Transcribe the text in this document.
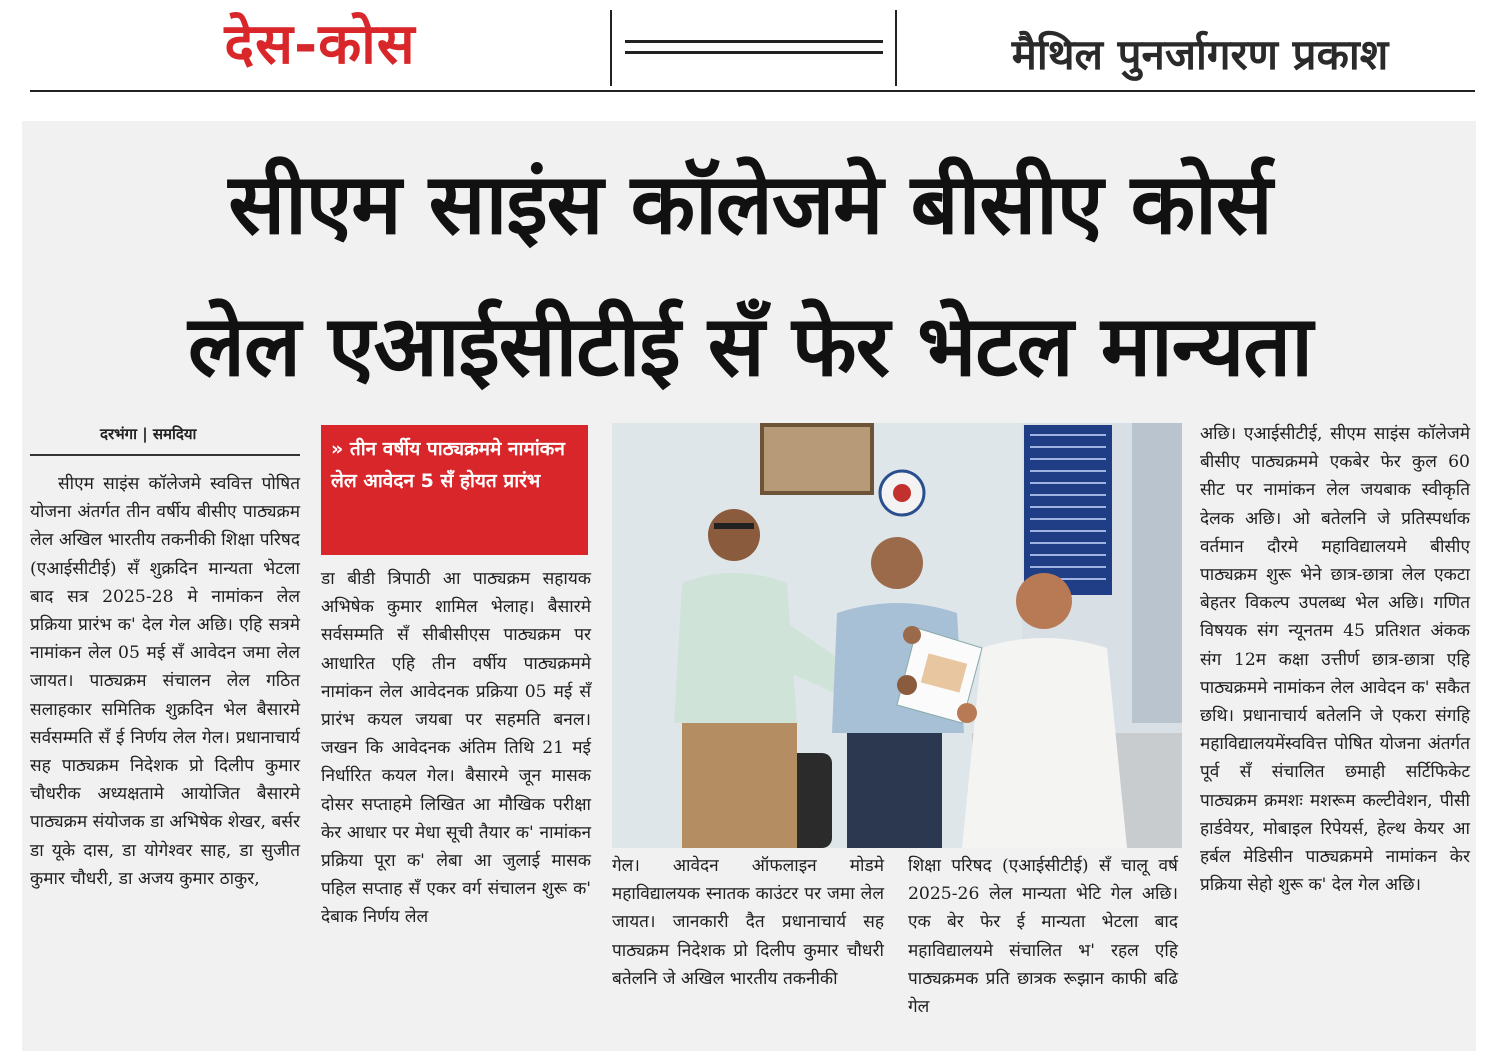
देस-कोस	मैथिल पुनर्जागरण प्रकाश
सीएम साइंस कॉलेजमे बीसीए कोर्स
लेल एआईसीटीई सँ फेर भेटल मान्यता
दरभंगा | समदिया
सीएम साइंस कॉलेजमे स्ववित्त पोषित योजना अंतर्गत तीन वर्षीय बीसीए पाठ्यक्रम लेल अखिल भारतीय तकनीकी शिक्षा परिषद (एआईसीटीई) सँ शुक्रदिन मान्यता भेटला बाद सत्र 2025-28 मे नामांकन लेल प्रक्रिया प्रारंभ क' देल गेल अछि। एहि सत्रमे नामांकन लेल 05 मई सँ आवेदन जमा लेल जायत। पाठ्यक्रम संचालन लेल गठित सलाहकार समितिक शुक्रदिन भेल बैसारमे सर्वसम्मति सँ ई निर्णय लेल गेल। प्रधानाचार्य सह पाठ्यक्रम निदेशक प्रो दिलीप कुमार चौधरीक अध्यक्षतामे आयोजित बैसारमे पाठ्यक्रम संयोजक डा अभिषेक शेखर, बर्सर डा यूके दास, डा योगेश्वर साह, डा सुजीत कुमार चौधरी, डा अजय कुमार ठाकुर,
» तीन वर्षीय पाठ्यक्रममे नामांकन लेल आवेदन 5 सँ होयत प्रारंभ
डा बीडी त्रिपाठी आ पाठ्यक्रम सहायक अभिषेक कुमार शामिल भेलाह। बैसारमे सर्वसम्मति सँ सीबीसीएस पाठ्यक्रम पर आधारित एहि तीन वर्षीय पाठ्यक्रममे नामांकन लेल आवेदनक प्रक्रिया 05 मई सँ प्रारंभ कयल जयबा पर सहमति बनल। जखन कि आवेदनक अंतिम तिथि 21 मई निर्धारित कयल गेल। बैसारमे जून मासक दोसर सप्ताहमे लिखित आ मौखिक परीक्षा केर आधार पर मेधा सूची तैयार क' नामांकन प्रक्रिया पूरा क' लेबा आ जुलाई मासक पहिल सप्ताह सँ एकर वर्ग संचालन शुरू क' देबाक निर्णय लेल
गेल। आवेदन ऑफलाइन मोडमे महाविद्यालयक स्नातक काउंटर पर जमा लेल जायत। जानकारी दैत प्रधानाचार्य सह पाठ्यक्रम निदेशक प्रो दिलीप कुमार चौधरी बतेलनि जे अखिल भारतीय तकनीकी
शिक्षा परिषद (एआईसीटीई) सँ चालू वर्ष 2025-26 लेल मान्यता भेटि गेल अछि। एक बेर फेर ई मान्यता भेटला बाद महाविद्यालयमे संचालित भ' रहल एहि पाठ्यक्रमक प्रति छात्रक रूझान काफी बढि गेल
अछि। एआईसीटीई, सीएम साइंस कॉलेजमे बीसीए पाठ्यक्रममे एकबेर फेर कुल 60 सीट पर नामांकन लेल जयबाक स्वीकृति देलक अछि। ओ बतेलनि जे प्रतिस्पर्धाक वर्तमान दौरमे महाविद्यालयमे बीसीए पाठ्यक्रम शुरू भेने छात्र-छात्रा लेल एकटा बेहतर विकल्प उपलब्ध भेल अछि। गणित विषयक संग न्यूनतम 45 प्रतिशत अंकक संग 12म कक्षा उत्तीर्ण छात्र-छात्रा एहि पाठ्यक्रममे नामांकन लेल आवेदन क' सकैत छथि। प्रधानाचार्य बतेलनि जे एकरा संगहि महाविद्यालयमेंस्ववित्त पोषित योजना अंतर्गत पूर्व सँ संचालित छमाही सर्टिफिकेट पाठ्यक्रम क्रमशः मशरूम कल्टीवेशन, पीसी हार्डवेयर, मोबाइल रिपेयर्स, हेल्थ केयर आ हर्बल मेडिसीन पाठ्यक्रममे नामांकन केर प्रक्रिया सेहो शुरू क' देल गेल अछि।
